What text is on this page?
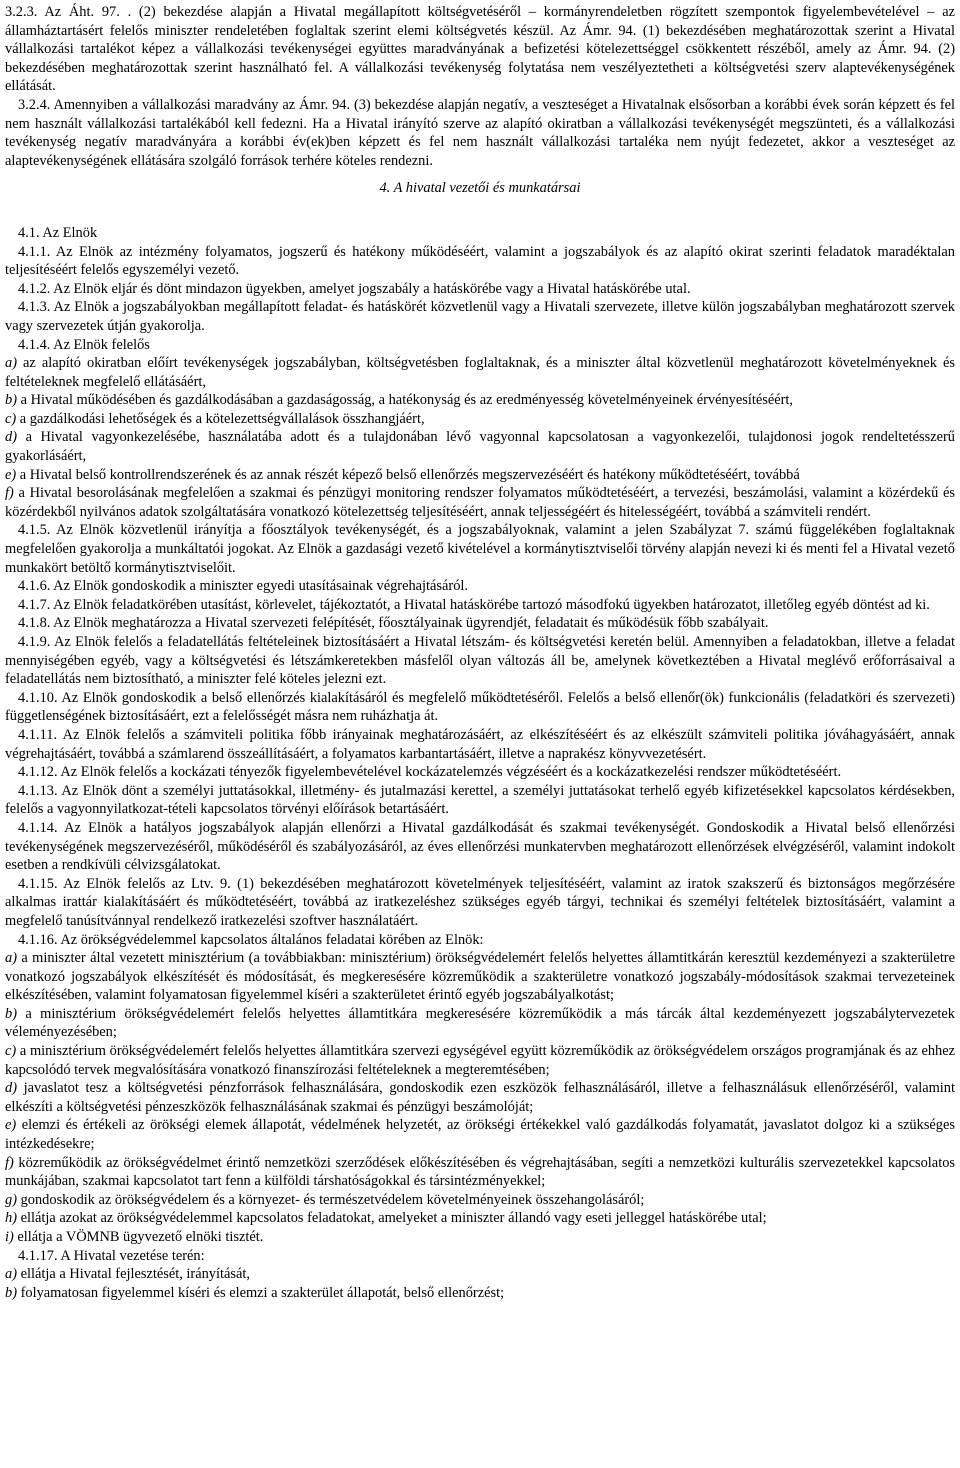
3.2.3. Az Áht. 97. . (2) bekezdése alapján a Hivatal megállapított költségvetéséről – kormányrendeletben rögzített szempontok figyelembevételével – az államháztartásért felelős miniszter rendeletében foglaltak szerint elemi költségvetés készül. Az Ámr. 94. (1) bekezdésében meghatározottak szerint a Hivatal vállalkozási tartalékot képez a vállalkozási tevékenységei együttes maradványának a befizetési kötelezettséggel csökkentett részéből, amely az Ámr. 94. (2) bekezdésében meghatározottak szerint használható fel. A vállalkozási tevékenység folytatása nem veszélyeztetheti a költségvetési szerv alaptevékenységének ellátását.

3.2.4. Amennyiben a vállalkozási maradvány az Ámr. 94. (3) bekezdése alapján negatív, a veszteséget a Hivatalnak elsősorban a korábbi évek során képzett és fel nem használt vállalkozási tartalékából kell fedezni. Ha a Hivatal irányító szerve az alapító okiratban a vállalkozási tevékenységét megszünteti, és a vállalkozási tevékenység negatív maradványára a korábbi év(ek)ben képzett és fel nem használt vállalkozási tartaléka nem nyújt fedezetet, akkor a veszteséget az alaptevékenységének ellátására szolgáló források terhére köteles rendezni.

4. A hivatal vezetői és munkatársai

4.1. Az Elnök

4.1.1. Az Elnök az intézmény folyamatos, jogszerű és hatékony működéséért, valamint a jogszabályok és az alapító okirat szerinti feladatok maradéktalan teljesítéséért felelős egyszemélyi vezető.

4.1.2. Az Elnök eljár és dönt mindazon ügyekben, amelyet jogszabály a hatáskörébe vagy a Hivatal hatáskörébe utal.

4.1.3. Az Elnök a jogszabályokban megállapított feladat- és hatáskörét közvetlenül vagy a Hivatali szervezete, illetve külön jogszabályban meghatározott szervek vagy szervezetek útján gyakorolja.

4.1.4. Az Elnök felelős

a) az alapító okiratban előírt tevékenységek jogszabályban, költségvetésben foglaltaknak, és a miniszter által közvetlenül meghatározott követelményeknek és feltételeknek megfelelő ellátásáért,

b) a Hivatal működésében és gazdálkodásában a gazdaságosság, a hatékonyság és az eredményesség követelményeinek érvényesítéséért,

c) a gazdálkodási lehetőségek és a kötelezettségvállalások összhangjáért,

d) a Hivatal vagyonkezelésébe, használatába adott és a tulajdonában lévő vagyonnal kapcsolatosan a vagyonkezelői, tulajdonosi jogok rendeltetésszerű gyakorlásáért,

e) a Hivatal belső kontrollrendszerének és az annak részét képező belső ellenőrzés megszervezéséért és hatékony működtetéséért, továbbá

f) a Hivatal besorolásának megfelelően a szakmai és pénzügyi monitoring rendszer folyamatos működtetéséért, a tervezési, beszámolási, valamint a közérdekű és közérdekből nyilvános adatok szolgáltatására vonatkozó kötelezettség teljesítéséért, annak teljességéért és hitelességéért, továbbá a számviteli rendért.

4.1.5. Az Elnök közvetlenül irányítja a főosztályok tevékenységét, és a jogszabályoknak, valamint a jelen Szabályzat 7. számú függelékében foglaltaknak megfelelően gyakorolja a munkáltatói jogokat. Az Elnök a gazdasági vezető kivételével a kormánytisztviselői törvény alapján nevezi ki és menti fel a Hivatal vezető munkakört betöltő kormánytisztviselőit.

4.1.6. Az Elnök gondoskodik a miniszter egyedi utasításainak végrehajtásáról.

4.1.7. Az Elnök feladatkörében utasítást, körlevelet, tájékoztatót, a Hivatal hatáskörébe tartozó másodfokú ügyekben határozatot, illetőleg egyéb döntést ad ki.

4.1.8. Az Elnök meghatározza a Hivatal szervezeti felépítését, főosztályainak ügyrendjét, feladatait és működésük főbb szabályait.

4.1.9. Az Elnök felelős a feladatellátás feltételeinek biztosításáért a Hivatal létszám- és költségvetési keretén belül. Amennyiben a feladatokban, illetve a feladat mennyiségében egyéb, vagy a költségvetési és létszámkeretekben másfelől olyan változás áll be, amelynek következtében a Hivatal meglévő erőforrásaival a feladatellátás nem biztosítható, a miniszter felé köteles jelezni ezt.

4.1.10. Az Elnök gondoskodik a belső ellenőrzés kialakításáról és megfelelő működtetéséről. Felelős a belső ellenőr(ök) funkcionális (feladatköri és szervezeti) függetlenségének biztosításáért, ezt a felelősségét másra nem ruházhatja át.

4.1.11. Az Elnök felelős a számviteli politika főbb irányainak meghatározásáért, az elkészítéséért és az elkészült számviteli politika jóváhagyásáért, annak végrehajtásáért, továbbá a számlarend összeállításáért, a folyamatos karbantartásáért, illetve a naprakész könyvvezetésért.

4.1.12. Az Elnök felelős a kockázati tényezők figyelembevételével kockázatelemzés végzéséért és a kockázatkezelési rendszer működtetéséért.

4.1.13. Az Elnök dönt a személyi juttatásokkal, illetmény- és jutalmazási kerettel, a személyi juttatásokat terhelő egyéb kifizetésekkel kapcsolatos kérdésekben, felelős a vagyonnyilatkozat-tételi kapcsolatos törvényi előírások betartásáért.

4.1.14. Az Elnök a hatályos jogszabályok alapján ellenőrzi a Hivatal gazdálkodását és szakmai tevékenységét. Gondoskodik a Hivatal belső ellenőrzési tevékenységének megszervezéséről, működéséről és szabályozásáról, az éves ellenőrzési munkatervben meghatározott ellenőrzések elvégzéséről, valamint indokolt esetben a rendkívüli célvizsgálatokat.

4.1.15. Az Elnök felelős az Ltv. 9. (1) bekezdésében meghatározott követelmények teljesítéséért, valamint az iratok szakszerű és biztonságos megőrzésére alkalmas irattár kialakításáért és működtetéséért, továbbá az iratkezeléshez szükséges egyéb tárgyi, technikai és személyi feltételek biztosításáért, valamint a megfelelő tanúsítvánnyal rendelkező iratkezelési szoftver használatáért.

4.1.16. Az örökségvédelemmel kapcsolatos általános feladatai körében az Elnök:

a) a miniszter által vezetett minisztérium (a továbbiakban: minisztérium) örökségvédelemért felelős helyettes államtitkárán keresztül kezdeményezi a szakterületre vonatkozó jogszabályok elkészítését és módosítását, és megkeresésére közreműködik a szakterületre vonatkozó jogszabály-módosítások szakmai tervezeteinek elkészítésében, valamint folyamatosan figyelemmel kíséri a szakterületet érintő egyéb jogszabályalkotást;

b) a minisztérium örökségvédelemért felelős helyettes államtitkára megkeresésére közreműködik a más tárcák által kezdeményezett jogszabálytervezetek véleményezésében;

c) a minisztérium örökségvédelemért felelős helyettes államtitkára szervezi egységével együtt közreműködik az örökségvédelem országos programjának és az ehhez kapcsolódó tervek megvalósítására vonatkozó finanszírozási feltételeknek a megteremtésében;

d) javaslatot tesz a költségvetési pénzforrások felhasználására, gondoskodik ezen eszközök felhasználásáról, illetve a felhasználásuk ellenőrzéséről, valamint elkészíti a költségvetési pénzeszközök felhasználásának szakmai és pénzügyi beszámolóját;

e) elemzi és értékeli az örökségi elemek állapotát, védelmének helyzetét, az örökségi értékekkel való gazdálkodás folyamatát, javaslatot dolgoz ki a szükséges intézkedésekre;

f) közreműködik az örökségvédelmet érintő nemzetközi szerződések előkészítésében és végrehajtásában, segíti a nemzetközi kulturális szervezetekkel kapcsolatos munkájában, szakmai kapcsolatot tart fenn a külföldi társhatóságokkal és társintézményekkel;

g) gondoskodik az örökségvédelem és a környezet- és természetvédelem követelményeinek összehangolásáról;

h) ellátja azokat az örökségvédelemmel kapcsolatos feladatokat, amelyeket a miniszter állandó vagy eseti jelleggel hatáskörébe utal;

i) ellátja a VÖMNB ügyvezető elnöki tisztét.

4.1.17. A Hivatal vezetése terén:

a) ellátja a Hivatal fejlesztését, irányítását,

b) folyamatosan figyelemmel kíséri és elemzi a szakterület állapotát, belső ellenőrzést;
